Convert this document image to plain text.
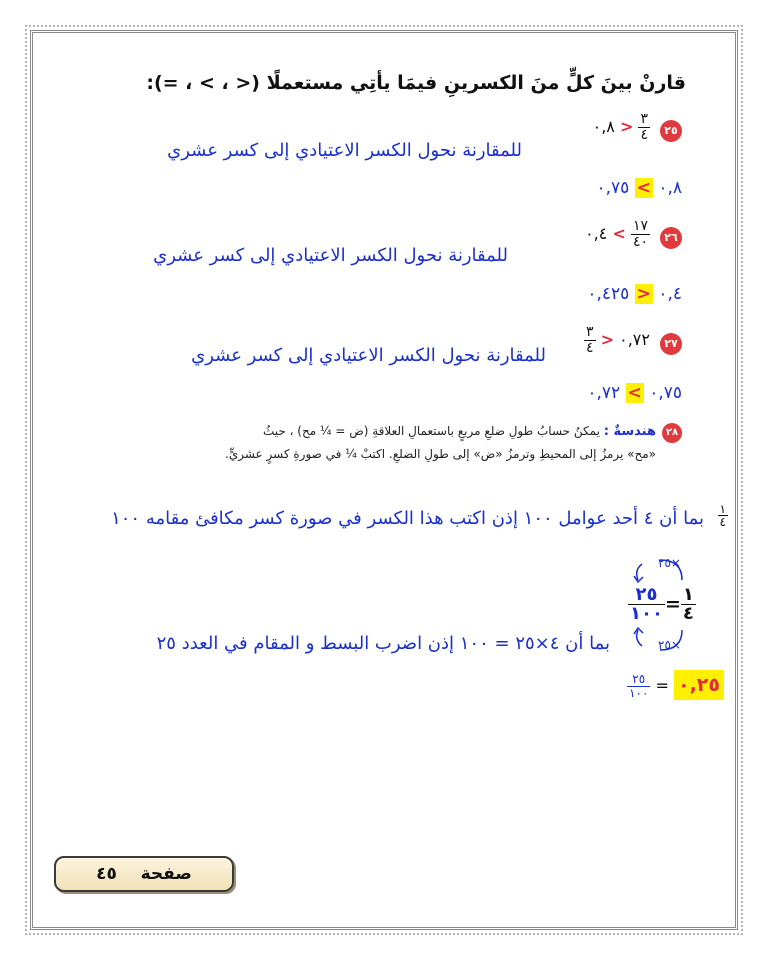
قارنْ بينَ كلٍّ منَ الكسرينِ فيمَا يأتِي مستعملًا (< ، > ، =):
٢٥
٠,٨ > $\frac{٣}{٤}$
للمقارنة نحول الكسر الاعتيادي إلى كسر عشري
٠,٨ > ٠,٧٥
٢٦
٠,٤ < $\frac{١٧}{٤٠}$
للمقارنة نحول الكسر الاعتيادي إلى كسر عشري
٠,٤ < ٠,٤٢٥
٢٧
$\frac{٣}{٤}$ > ٠,٧٢
للمقارنة نحول الكسر الاعتيادي إلى كسر عشري
٠,٧٥ > ٠,٧٢
٢٨
هندسةٌ : يمكنُ حسابُ طولِ ضلعِ مربعٍ باستعمالِ العلاقةِ (ض = ¼ مح) ، حيثُ
«مح» يرمزُ إلى المحيطِ وترمزُ «ض» إلى طولِ الضلعِ. اكتبْ ¼ في صورةِ كسرٍ عشريٍّ.
$\frac{١}{٤}$
بما أن ٤ أحد عوامل ١٠٠ إذن اكتب هذا الكسر في صورة كسر مكافئ مقامه ١٠٠
٢٥×
$\frac{٢٥}{١٠٠} = \frac{١}{٤}$
٢٥×
بما أن ٤×٢٥ = ١٠٠ إذن اضرب البسط و المقام في العدد ٢٥
$\frac{٢٥}{١٠٠}$ = ٠,٢٥
صفحة    ٤٥
